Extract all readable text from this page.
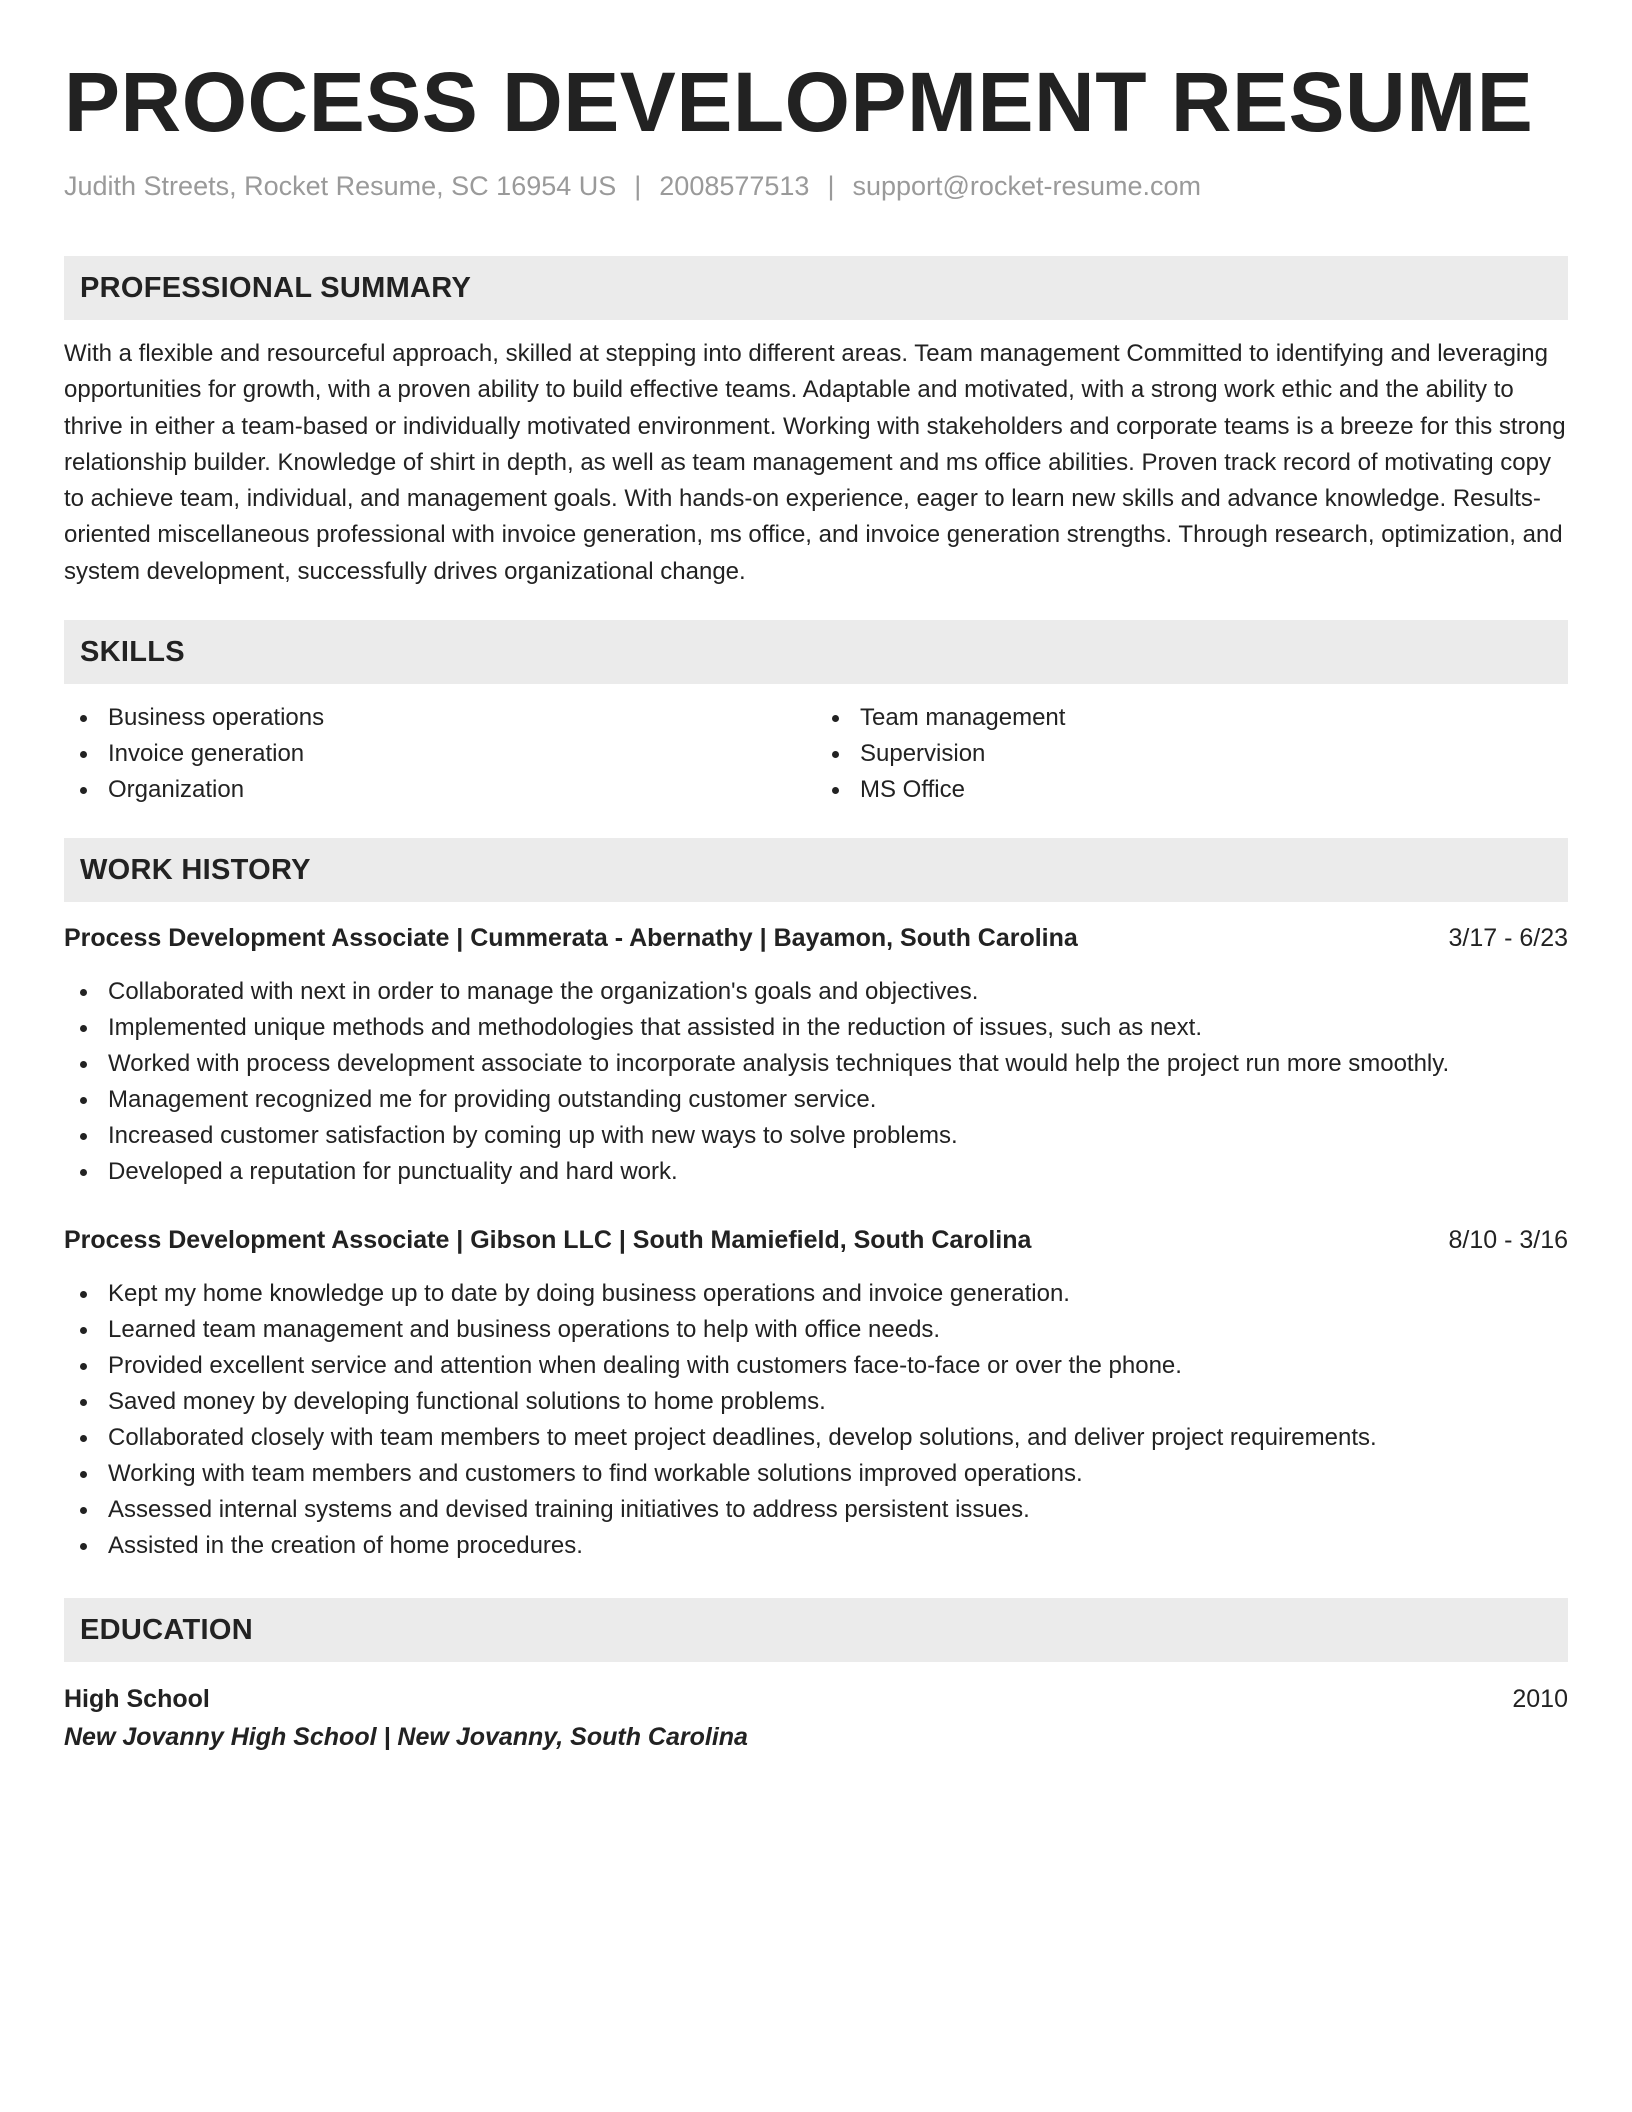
PROCESS DEVELOPMENT RESUME
Judith Streets, Rocket Resume, SC 16954 US | 2008577513 | support@rocket-resume.com
PROFESSIONAL SUMMARY
With a flexible and resourceful approach, skilled at stepping into different areas. Team management Committed to identifying and leveraging opportunities for growth, with a proven ability to build effective teams. Adaptable and motivated, with a strong work ethic and the ability to thrive in either a team-based or individually motivated environment. Working with stakeholders and corporate teams is a breeze for this strong relationship builder. Knowledge of shirt in depth, as well as team management and ms office abilities. Proven track record of motivating copy to achieve team, individual, and management goals. With hands-on experience, eager to learn new skills and advance knowledge. Results-oriented miscellaneous professional with invoice generation, ms office, and invoice generation strengths. Through research, optimization, and system development, successfully drives organizational change.
SKILLS
Business operations
Invoice generation
Organization
Team management
Supervision
MS Office
WORK HISTORY
Process Development Associate | Cummerata - Abernathy | Bayamon, South Carolina	3/17 - 6/23
Collaborated with next in order to manage the organization's goals and objectives.
Implemented unique methods and methodologies that assisted in the reduction of issues, such as next.
Worked with process development associate to incorporate analysis techniques that would help the project run more smoothly.
Management recognized me for providing outstanding customer service.
Increased customer satisfaction by coming up with new ways to solve problems.
Developed a reputation for punctuality and hard work.
Process Development Associate | Gibson LLC | South Mamiefield, South Carolina	8/10 - 3/16
Kept my home knowledge up to date by doing business operations and invoice generation.
Learned team management and business operations to help with office needs.
Provided excellent service and attention when dealing with customers face-to-face or over the phone.
Saved money by developing functional solutions to home problems.
Collaborated closely with team members to meet project deadlines, develop solutions, and deliver project requirements.
Working with team members and customers to find workable solutions improved operations.
Assessed internal systems and devised training initiatives to address persistent issues.
Assisted in the creation of home procedures.
EDUCATION
High School	2010
New Jovanny High School | New Jovanny, South Carolina
